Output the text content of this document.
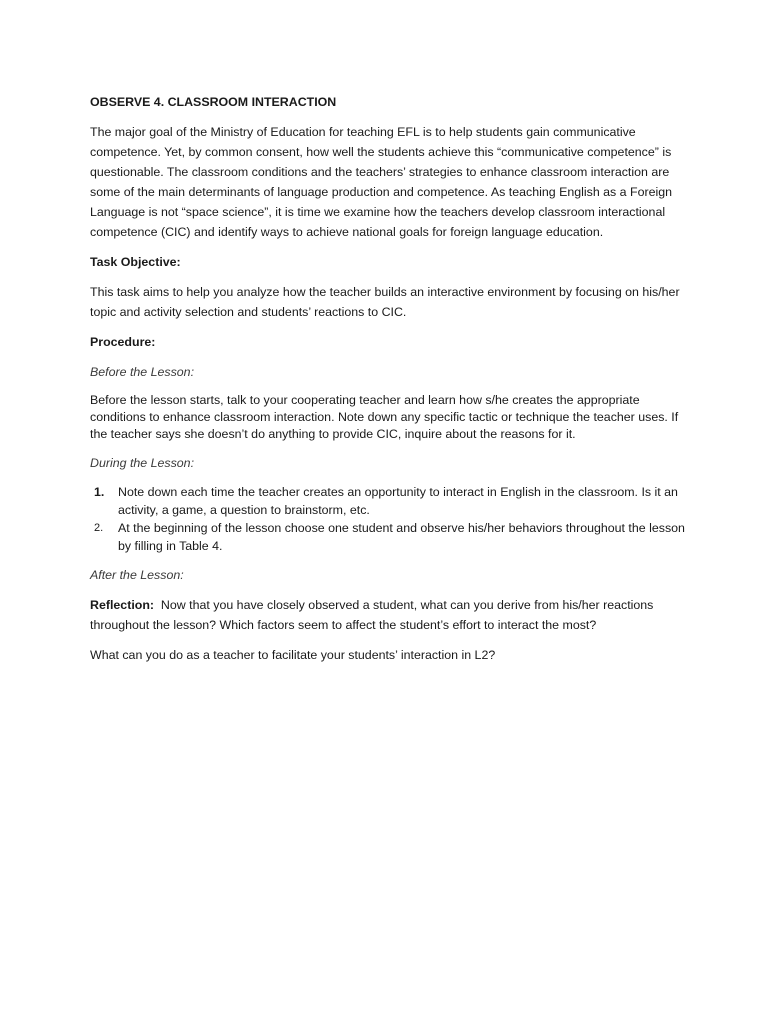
OBSERVE 4. CLASSROOM INTERACTION

The major goal of the Ministry of Education for teaching EFL is to help students gain communicative competence. Yet, by common consent, how well the students achieve this “communicative competence” is questionable. The classroom conditions and the teachers’ strategies to enhance classroom interaction are some of the main determinants of language production and competence. As teaching English as a Foreign Language is not “space science”, it is time we examine how the teachers develop classroom interactional competence (CIC) and identify ways to achieve national goals for foreign language education.

Task Objective:

This task aims to help you analyze how the teacher builds an interactive environment by focusing on his/her topic and activity selection and students’ reactions to CIC.

Procedure:

Before the Lesson:

Before the lesson starts, talk to your cooperating teacher and learn how s/he creates the appropriate conditions to enhance classroom interaction. Note down any specific tactic or technique the teacher uses. If the teacher says she doesn’t do anything to provide CIC, inquire about the reasons for it.

During the Lesson:

1. Note down each time the teacher creates an opportunity to interact in English in the classroom. Is it an activity, a game, a question to brainstorm, etc.
2. At the beginning of the lesson choose one student and observe his/her behaviors throughout the lesson by filling in Table 4.

After the Lesson:

Reflection: Now that you have closely observed a student, what can you derive from his/her reactions throughout the lesson? Which factors seem to affect the student’s effort to interact the most?

What can you do as a teacher to facilitate your students’ interaction in L2?
